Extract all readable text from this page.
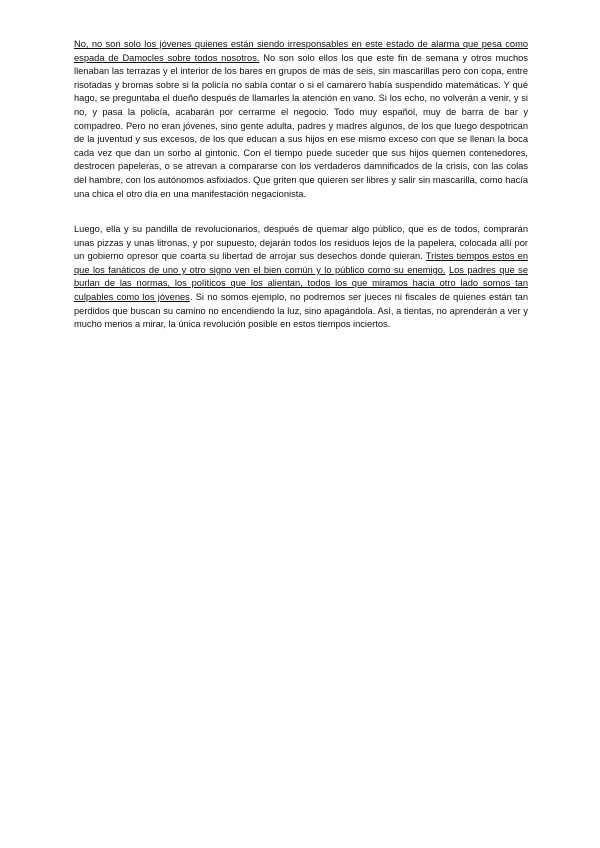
No, no son solo los jóvenes quienes están siendo irresponsables en este estado de alarma que pesa como espada de Damocles sobre todos nosotros. No son solo ellos los que este fin de semana y otros muchos llenaban las terrazas y el interior de los bares en grupos de más de seis, sin mascarillas pero con copa, entre risotadas y bromas sobre si la policía no sabía contar o si el camarero había suspendido matemáticas. Y qué hago, se preguntaba el dueño después de llamarles la atención en vano. Si los echo, no volverán a venir, y si no, y pasa la policía, acabarán por cerrarme el negocio. Todo muy español, muy de barra de bar y compadreo. Pero no eran jóvenes, sino gente adulta, padres y madres algunos, de los que luego despotrican de la juventud y sus excesos, de los que educan a sus hijos en ese mismo exceso con que se llenan la boca cada vez que dan un sorbo al gintonic. Con el tiempo puede suceder que sus hijos quemen contenedores, destrocen papeleras, o se atrevan a compararse con los verdaderos damnificados de la crisis, con las colas del hambre, con los autónomos asfixiados. Que griten que quieren ser libres y salir sin mascarilla, como hacía una chica el otro día en una manifestación negacionista.

Luego, ella y su pandilla de revolucionarios, después de quemar algo público, que es de todos, comprarán unas pizzas y unas litronas, y por supuesto, dejarán todos los residuos lejos de la papelera, colocada allí por un gobierno opresor que coarta su libertad de arrojar sus desechos donde quieran. Tristes tiempos estos en que los fanáticos de uno y otro signo ven el bien común y lo público como su enemigo. Los padres que se burlan de las normas, los políticos que los alientan, todos los que miramos hacia otro lado somos tan culpables como los jóvenes. Si no somos ejemplo, no podremos ser jueces ni fiscales de quienes están tan perdidos que buscan su camino no encendiendo la luz, sino apagándola. Así, a tientas, no aprenderán a ver y mucho menos a mirar, la única revolución posible en estos tiempos inciertos.
